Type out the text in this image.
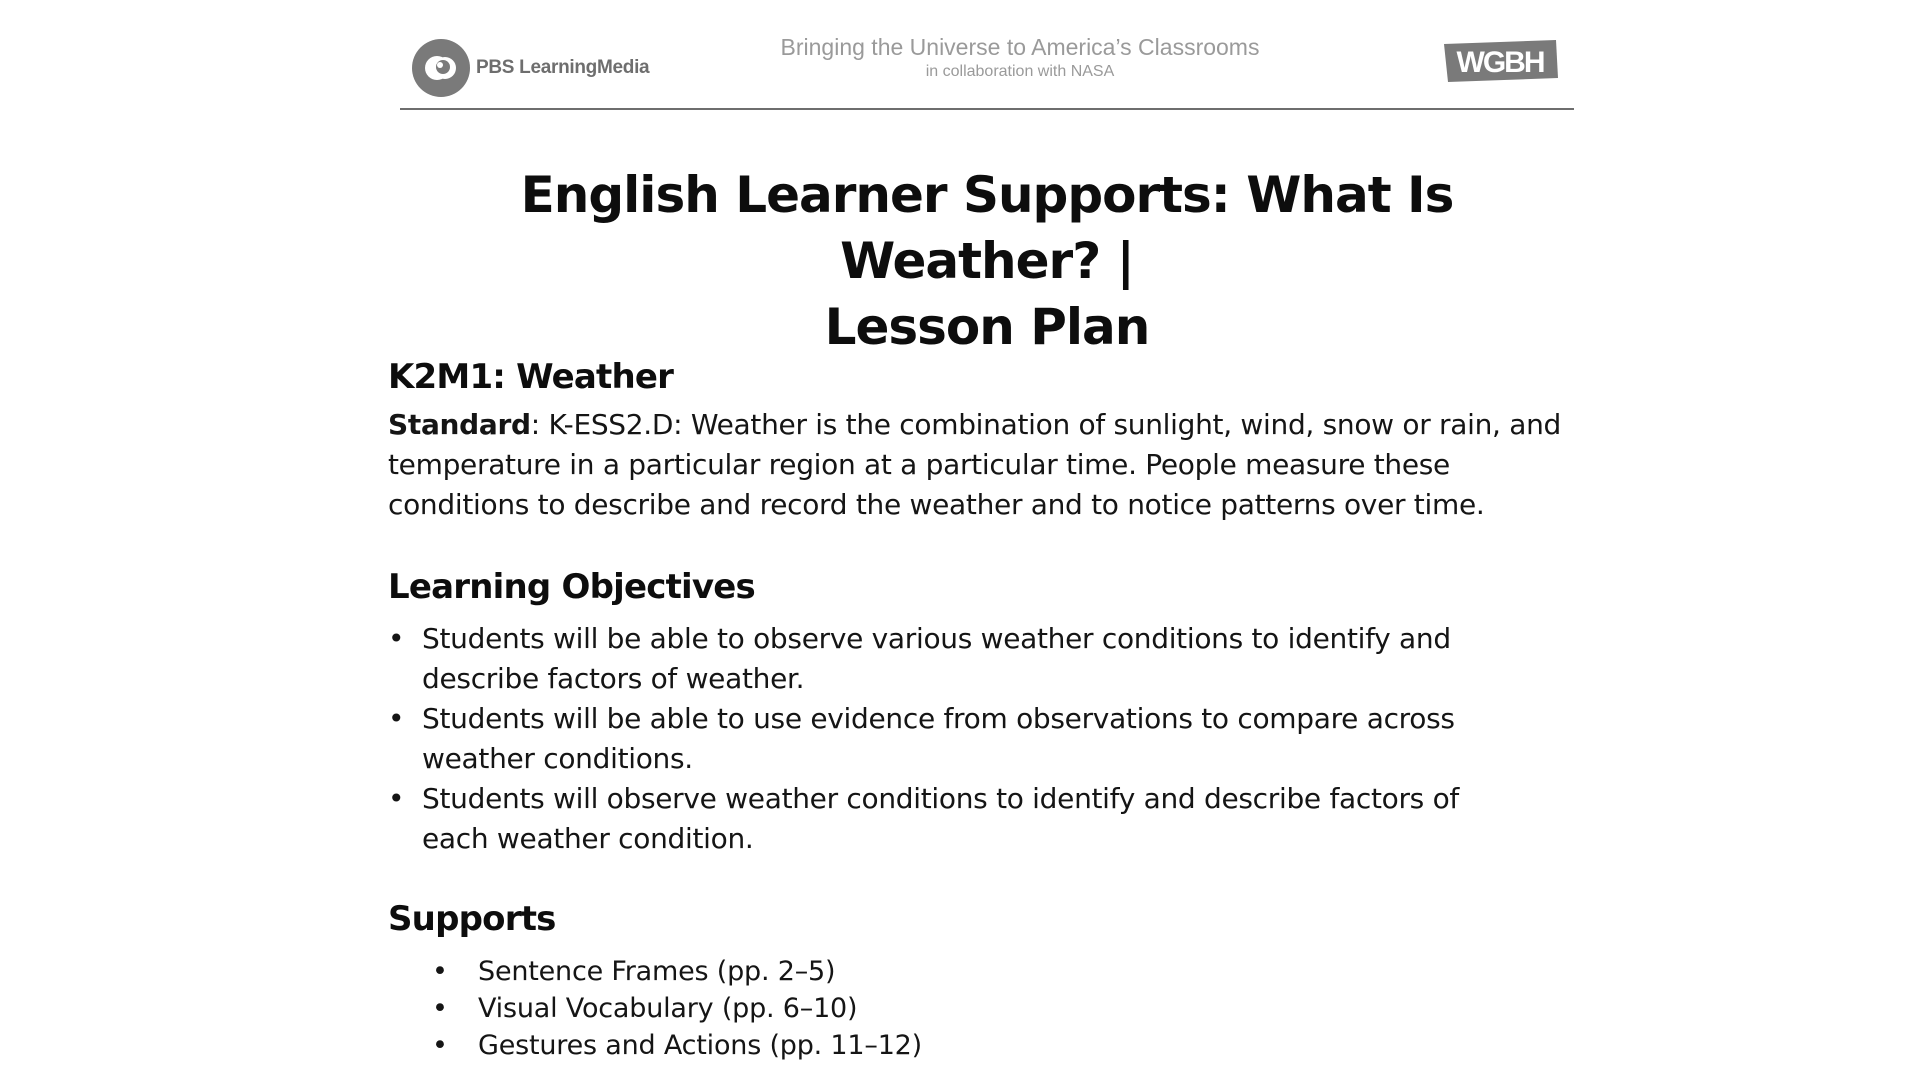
PBS LearningMedia
Bringing the Universe to America’s Classrooms
in collaboration with NASA	WGBH
English Learner Supports: What Is Weather? |
Lesson Plan
K2M1: Weather

Standard: K-ESS2.D: Weather is the combination of sunlight, wind, snow or rain, and temperature in a particular region at a particular time. People measure these conditions to describe and record the weather and to notice patterns over time.

Learning Objectives
• Students will be able to observe various weather conditions to identify and describe factors of weather.
• Students will be able to use evidence from observations to compare across weather conditions.
• Students will observe weather conditions to identify and describe factors of each weather condition.
Supports
• Sentence Frames (pp. 2–5)
• Visual Vocabulary (pp. 6–10)
• Gestures and Actions (pp. 11–12)
